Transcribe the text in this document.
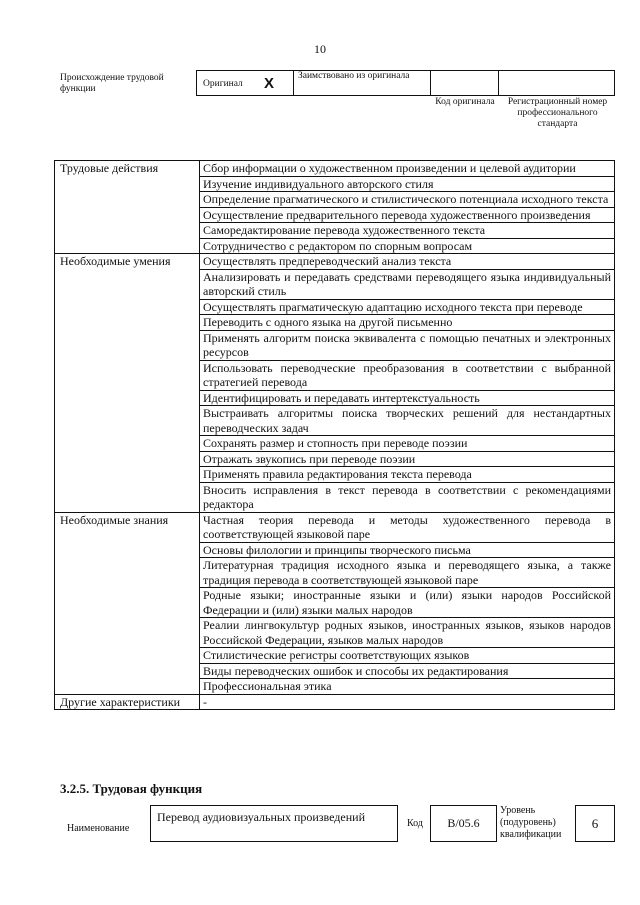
10
Происхождение трудовой функции	Оригинал X	Заимствовано из оригинала
Код оригинала	Регистрационный номер профессионального стандарта
Трудовые действия	Сбор информации о художественном произведении и целевой аудитории
	Изучение индивидуального авторского стиля
	Определение прагматического и стилистического потенциала исходного текста
	Осуществление предварительного перевода художественного произведения
	Саморедактирование перевода художественного текста
	Сотрудничество с редактором по спорным вопросам
Необходимые умения	Осуществлять предпереводческий анализ текста
	Анализировать и передавать средствами переводящего языка индивидуальный авторский стиль
	Осуществлять прагматическую адаптацию исходного текста при переводе
	Переводить с одного языка на другой письменно
	Применять алгоритм поиска эквивалента с помощью печатных и электронных ресурсов
	Использовать переводческие преобразования в соответствии с выбранной стратегией перевода
	Идентифицировать и передавать интертекстуальность
	Выстраивать алгоритмы поиска творческих решений для нестандартных переводческих задач
	Сохранять размер и стопность при переводе поэзии
	Отражать звукопись при переводе поэзии
	Применять правила редактирования текста перевода
	Вносить исправления в текст перевода в соответствии с рекомендациями редактора
Необходимые знания	Частная теория перевода и методы художественного перевода в соответствующей языковой паре
	Основы филологии и принципы творческого письма
	Литературная традиция исходного языка и переводящего языка, а также традиция перевода в соответствующей языковой паре
	Родные языки; иностранные языки и (или) языки народов Российской Федерации и (или) языки малых народов
	Реалии лингвокультур родных языков, иностранных языков, языков народов Российской Федерации, языков малых народов
	Стилистические регистры соответствующих языков
	Виды переводческих ошибок и способы их редактирования
	Профессиональная этика
Другие характеристики	-
3.2.5. Трудовая функция
Наименование
Перевод аудиовизуальных произведений	Код	B/05.6
Уровень (подуровень) квалификации
6
